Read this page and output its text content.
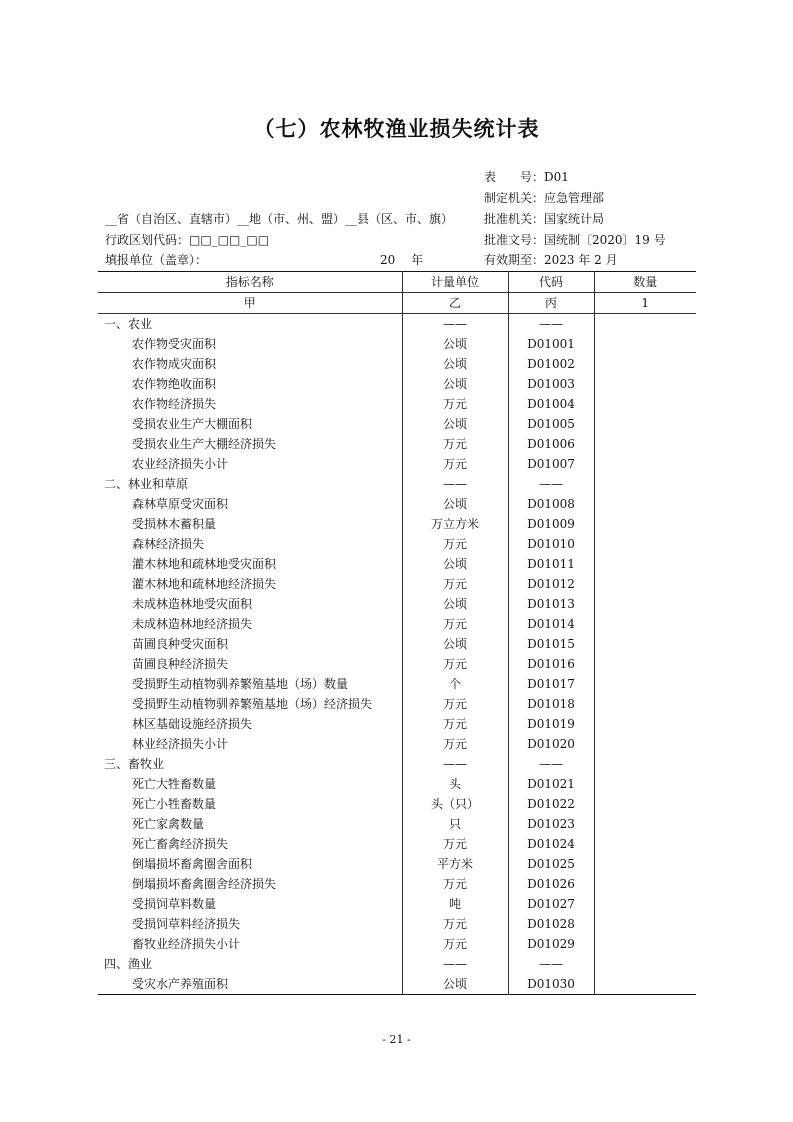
（七）农林牧渔业损失统计表
表　　号：D01
制定机关：应急管理部
批准机关：国家统计局
批准文号：国统制〔2020〕19 号
有效期至：2023 年 2 月
__省（自治区、直辖市）__地（市、州、盟）__县（区、市、旗）
行政区划代码：□□_□□_□□
填报单位（盖章）：	20　 年
指标名称	计量单位	代码	数量
甲	乙	丙	1
一、农业	——	——	
农作物受灾面积	公顷	D01001	
农作物成灾面积	公顷	D01002	
农作物绝收面积	公顷	D01003	
农作物经济损失	万元	D01004	
受损农业生产大棚面积	公顷	D01005	
受损农业生产大棚经济损失	万元	D01006	
农业经济损失小计	万元	D01007	
二、林业和草原	——	——	
森林草原受灾面积	公顷	D01008	
受损林木蓄积量	万立方米	D01009	
森林经济损失	万元	D01010	
灌木林地和疏林地受灾面积	公顷	D01011	
灌木林地和疏林地经济损失	万元	D01012	
未成林造林地受灾面积	公顷	D01013	
未成林造林地经济损失	万元	D01014	
苗圃良种受灾面积	公顷	D01015	
苗圃良种经济损失	万元	D01016	
受损野生动植物驯养繁殖基地（场）数量	个	D01017	
受损野生动植物驯养繁殖基地（场）经济损失	万元	D01018	
林区基础设施经济损失	万元	D01019	
林业经济损失小计	万元	D01020	
三、畜牧业	——	——	
死亡大牲畜数量	头	D01021	
死亡小牲畜数量	头（只）	D01022	
死亡家禽数量	只	D01023	
死亡畜禽经济损失	万元	D01024	
倒塌损坏畜禽圈舍面积	平方米	D01025	
倒塌损坏畜禽圈舍经济损失	万元	D01026	
受损饲草料数量	吨	D01027	
受损饲草料经济损失	万元	D01028	
畜牧业经济损失小计	万元	D01029	
四、渔业	——	——	
受灾水产养殖面积	公顷	D01030	
- 21 -
